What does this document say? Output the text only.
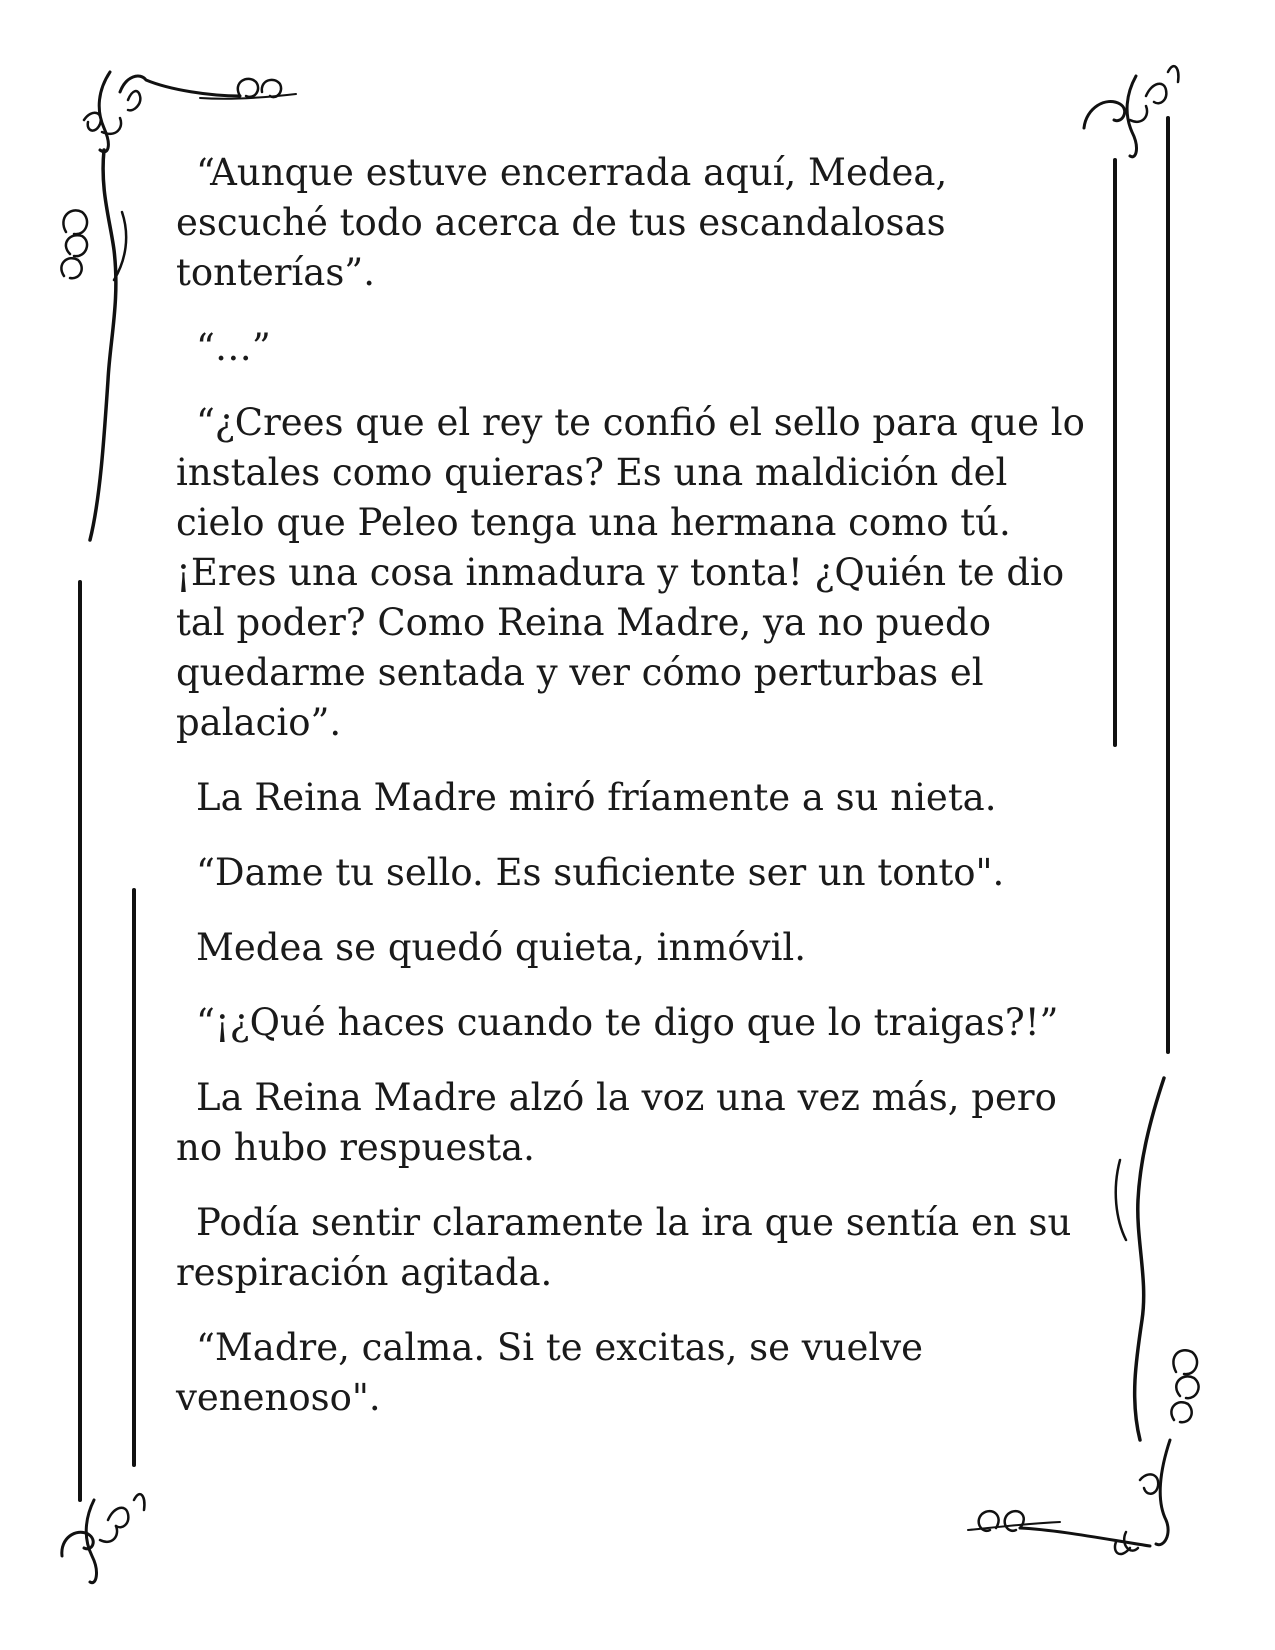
“Aunque estuve encerrada aquí, Medea, escuché todo acerca de tus escandalosas tonterías”.

“…”

“¿Crees que el rey te confió el sello para que lo instales como quieras? Es una maldición del cielo que Peleo tenga una hermana como tú. ¡Eres una cosa inmadura y tonta! ¿Quién te dio tal poder? Como Reina Madre, ya no puedo quedarme sentada y ver cómo perturbas el palacio”.

La Reina Madre miró fríamente a su nieta.

“Dame tu sello. Es suficiente ser un tonto".

Medea se quedó quieta, inmóvil.

“¡¿Qué haces cuando te digo que lo traigas?!”

La Reina Madre alzó la voz una vez más, pero no hubo respuesta.

Podía sentir claramente la ira que sentía en su respiración agitada.

“Madre, calma. Si te excitas, se vuelve venenoso".
